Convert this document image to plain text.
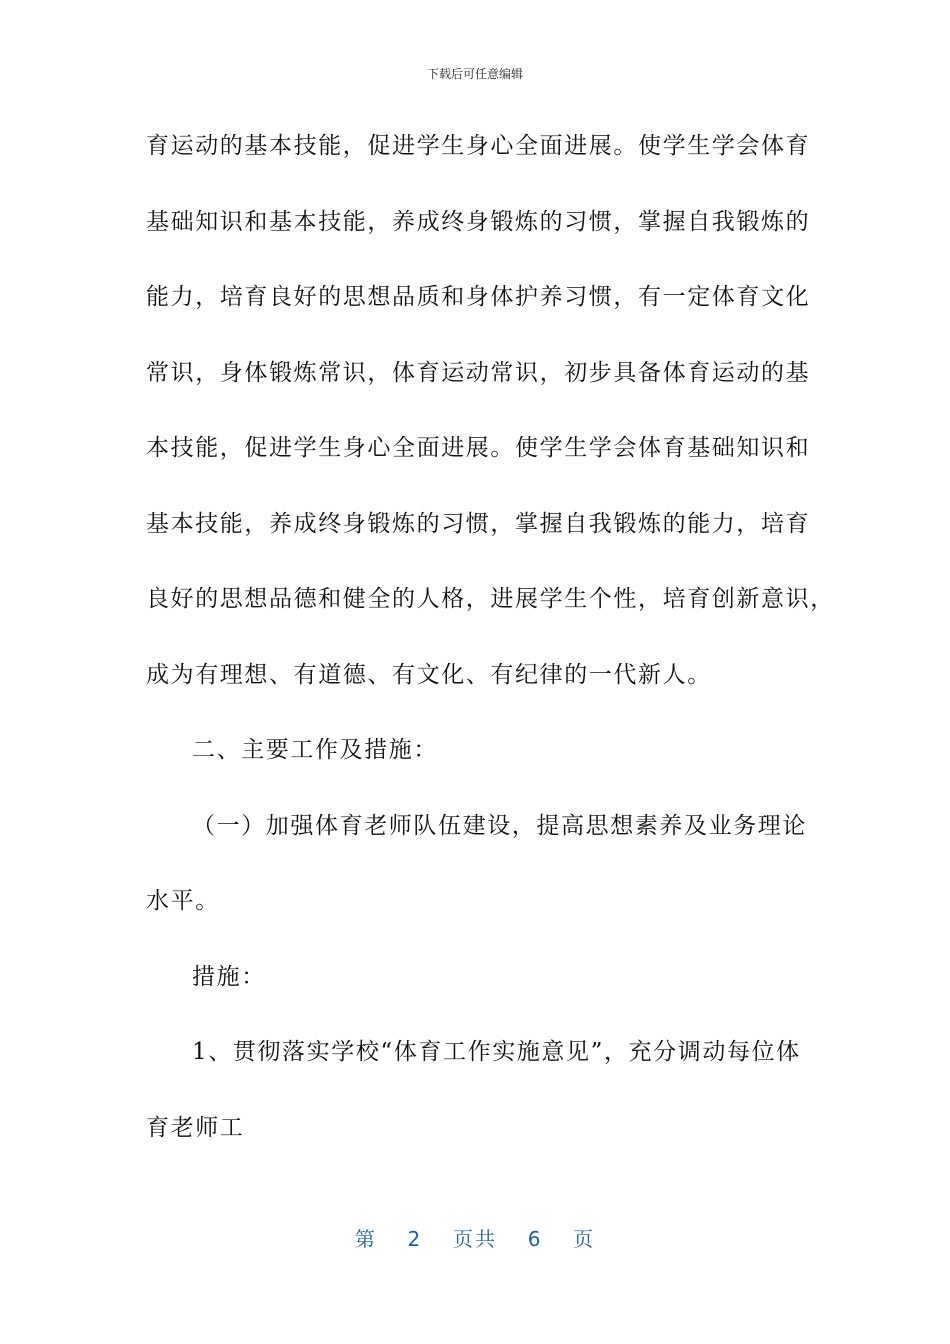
下载后可任意编辑
育运动的基本技能，促进学生身心全面进展。使学生学会体育
基础知识和基本技能，养成终身锻炼的习惯，掌握自我锻炼的
能力，培育良好的思想品质和身体护养习惯，有一定体育文化
常识，身体锻炼常识，体育运动常识，初步具备体育运动的基
本技能，促进学生身心全面进展。使学生学会体育基础知识和
基本技能，养成终身锻炼的习惯，掌握自我锻炼的能力，培育
良好的思想品德和健全的人格，进展学生个性，培育创新意识，
成为有理想、有道德、有文化、有纪律的一代新人。
二、主要工作及措施：
（一）加强体育老师队伍建设，提高思想素养及业务理论
水平。
措施：
1、贯彻落实学校“体育工作实施意见”，充分调动每位体
育老师工
第 2 页共 6 页
